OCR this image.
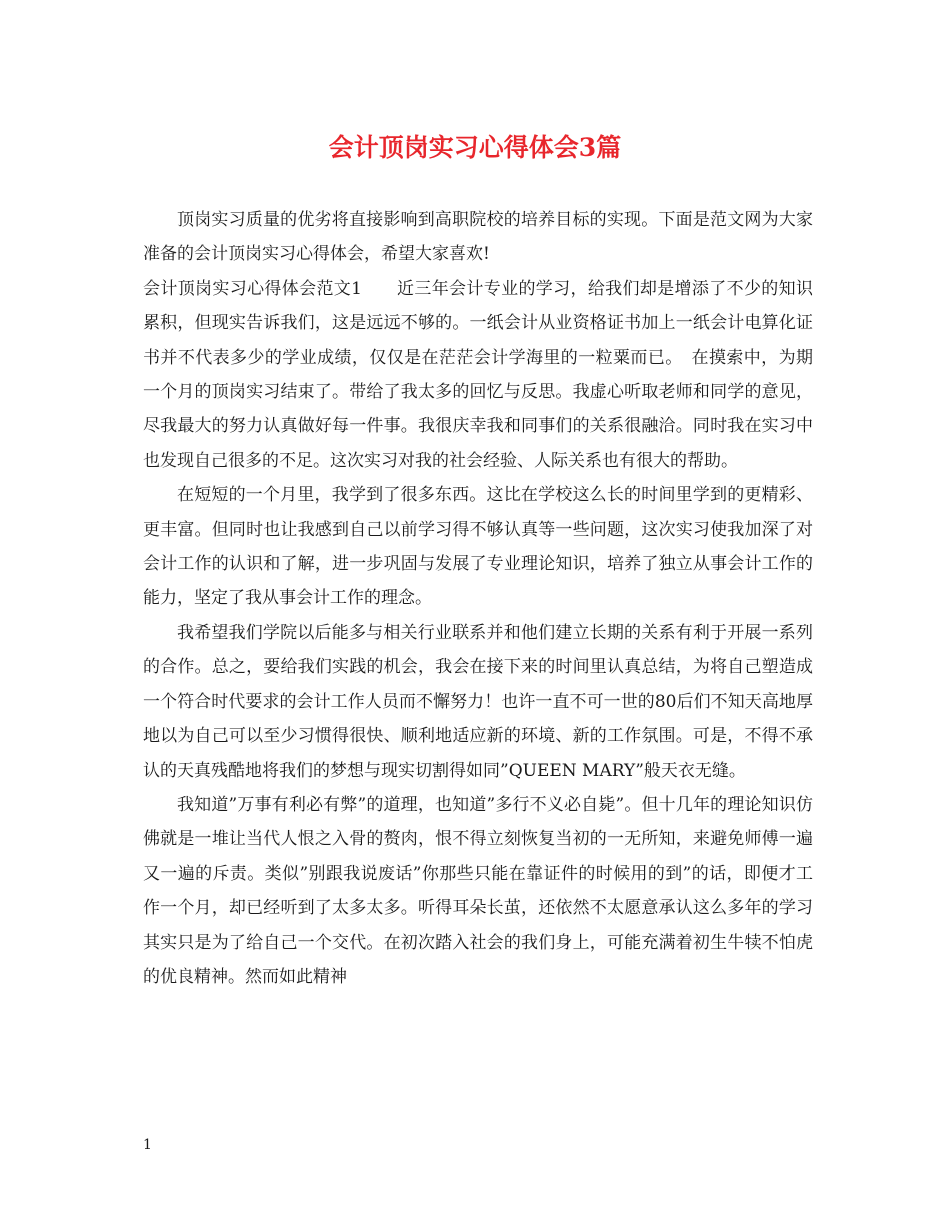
会计顶岗实习心得体会3篇

顶岗实习质量的优劣将直接影响到高职院校的培养目标的实现。下面是范文网为大家准备的会计顶岗实习心得体会，希望大家喜欢!

会计顶岗实习心得体会范文1　　近三年会计专业的学习，给我们却是增添了不少的知识累积，但现实告诉我们，这是远远不够的。一纸会计从业资格证书加上一纸会计电算化证书并不代表多少的学业成绩，仅仅是在茫茫会计学海里的一粒粟而已。　在摸索中，为期一个月的顶岗实习结束了。带给了我太多的回忆与反思。我虚心听取老师和同学的意见，尽我最大的努力认真做好每一件事。我很庆幸我和同事们的关系很融洽。同时我在实习中也发现自己很多的不足。这次实习对我的社会经验、人际关系也有很大的帮助。

在短短的一个月里，我学到了很多东西。这比在学校这么长的时间里学到的更精彩、更丰富。但同时也让我感到自己以前学习得不够认真等一些问题，这次实习使我加深了对会计工作的认识和了解，进一步巩固与发展了专业理论知识，培养了独立从事会计工作的能力，坚定了我从事会计工作的理念。

我希望我们学院以后能多与相关行业联系并和他们建立长期的关系有利于开展一系列的合作。总之，要给我们实践的机会，我会在接下来的时间里认真总结，为将自己塑造成一个符合时代要求的会计工作人员而不懈努力！也许一直不可一世的80后们不知天高地厚地以为自己可以至少习惯得很快、顺利地适应新的环境、新的工作氛围。可是，不得不承认的天真残酷地将我们的梦想与现实切割得如同”QUEEN MARY”般天衣无缝。

我知道”万事有利必有弊”的道理，也知道”多行不义必自毙”。但十几年的理论知识仿佛就是一堆让当代人恨之入骨的赘肉，恨不得立刻恢复当初的一无所知，来避免师傅一遍又一遍的斥责。类似”别跟我说废话”你那些只能在靠证件的时候用的到”的话，即便才工作一个月，却已经听到了太多太多。听得耳朵长茧，还依然不太愿意承认这么多年的学习其实只是为了给自己一个交代。在初次踏入社会的我们身上，可能充满着初生牛犊不怕虎的优良精神。然而如此精神

1
